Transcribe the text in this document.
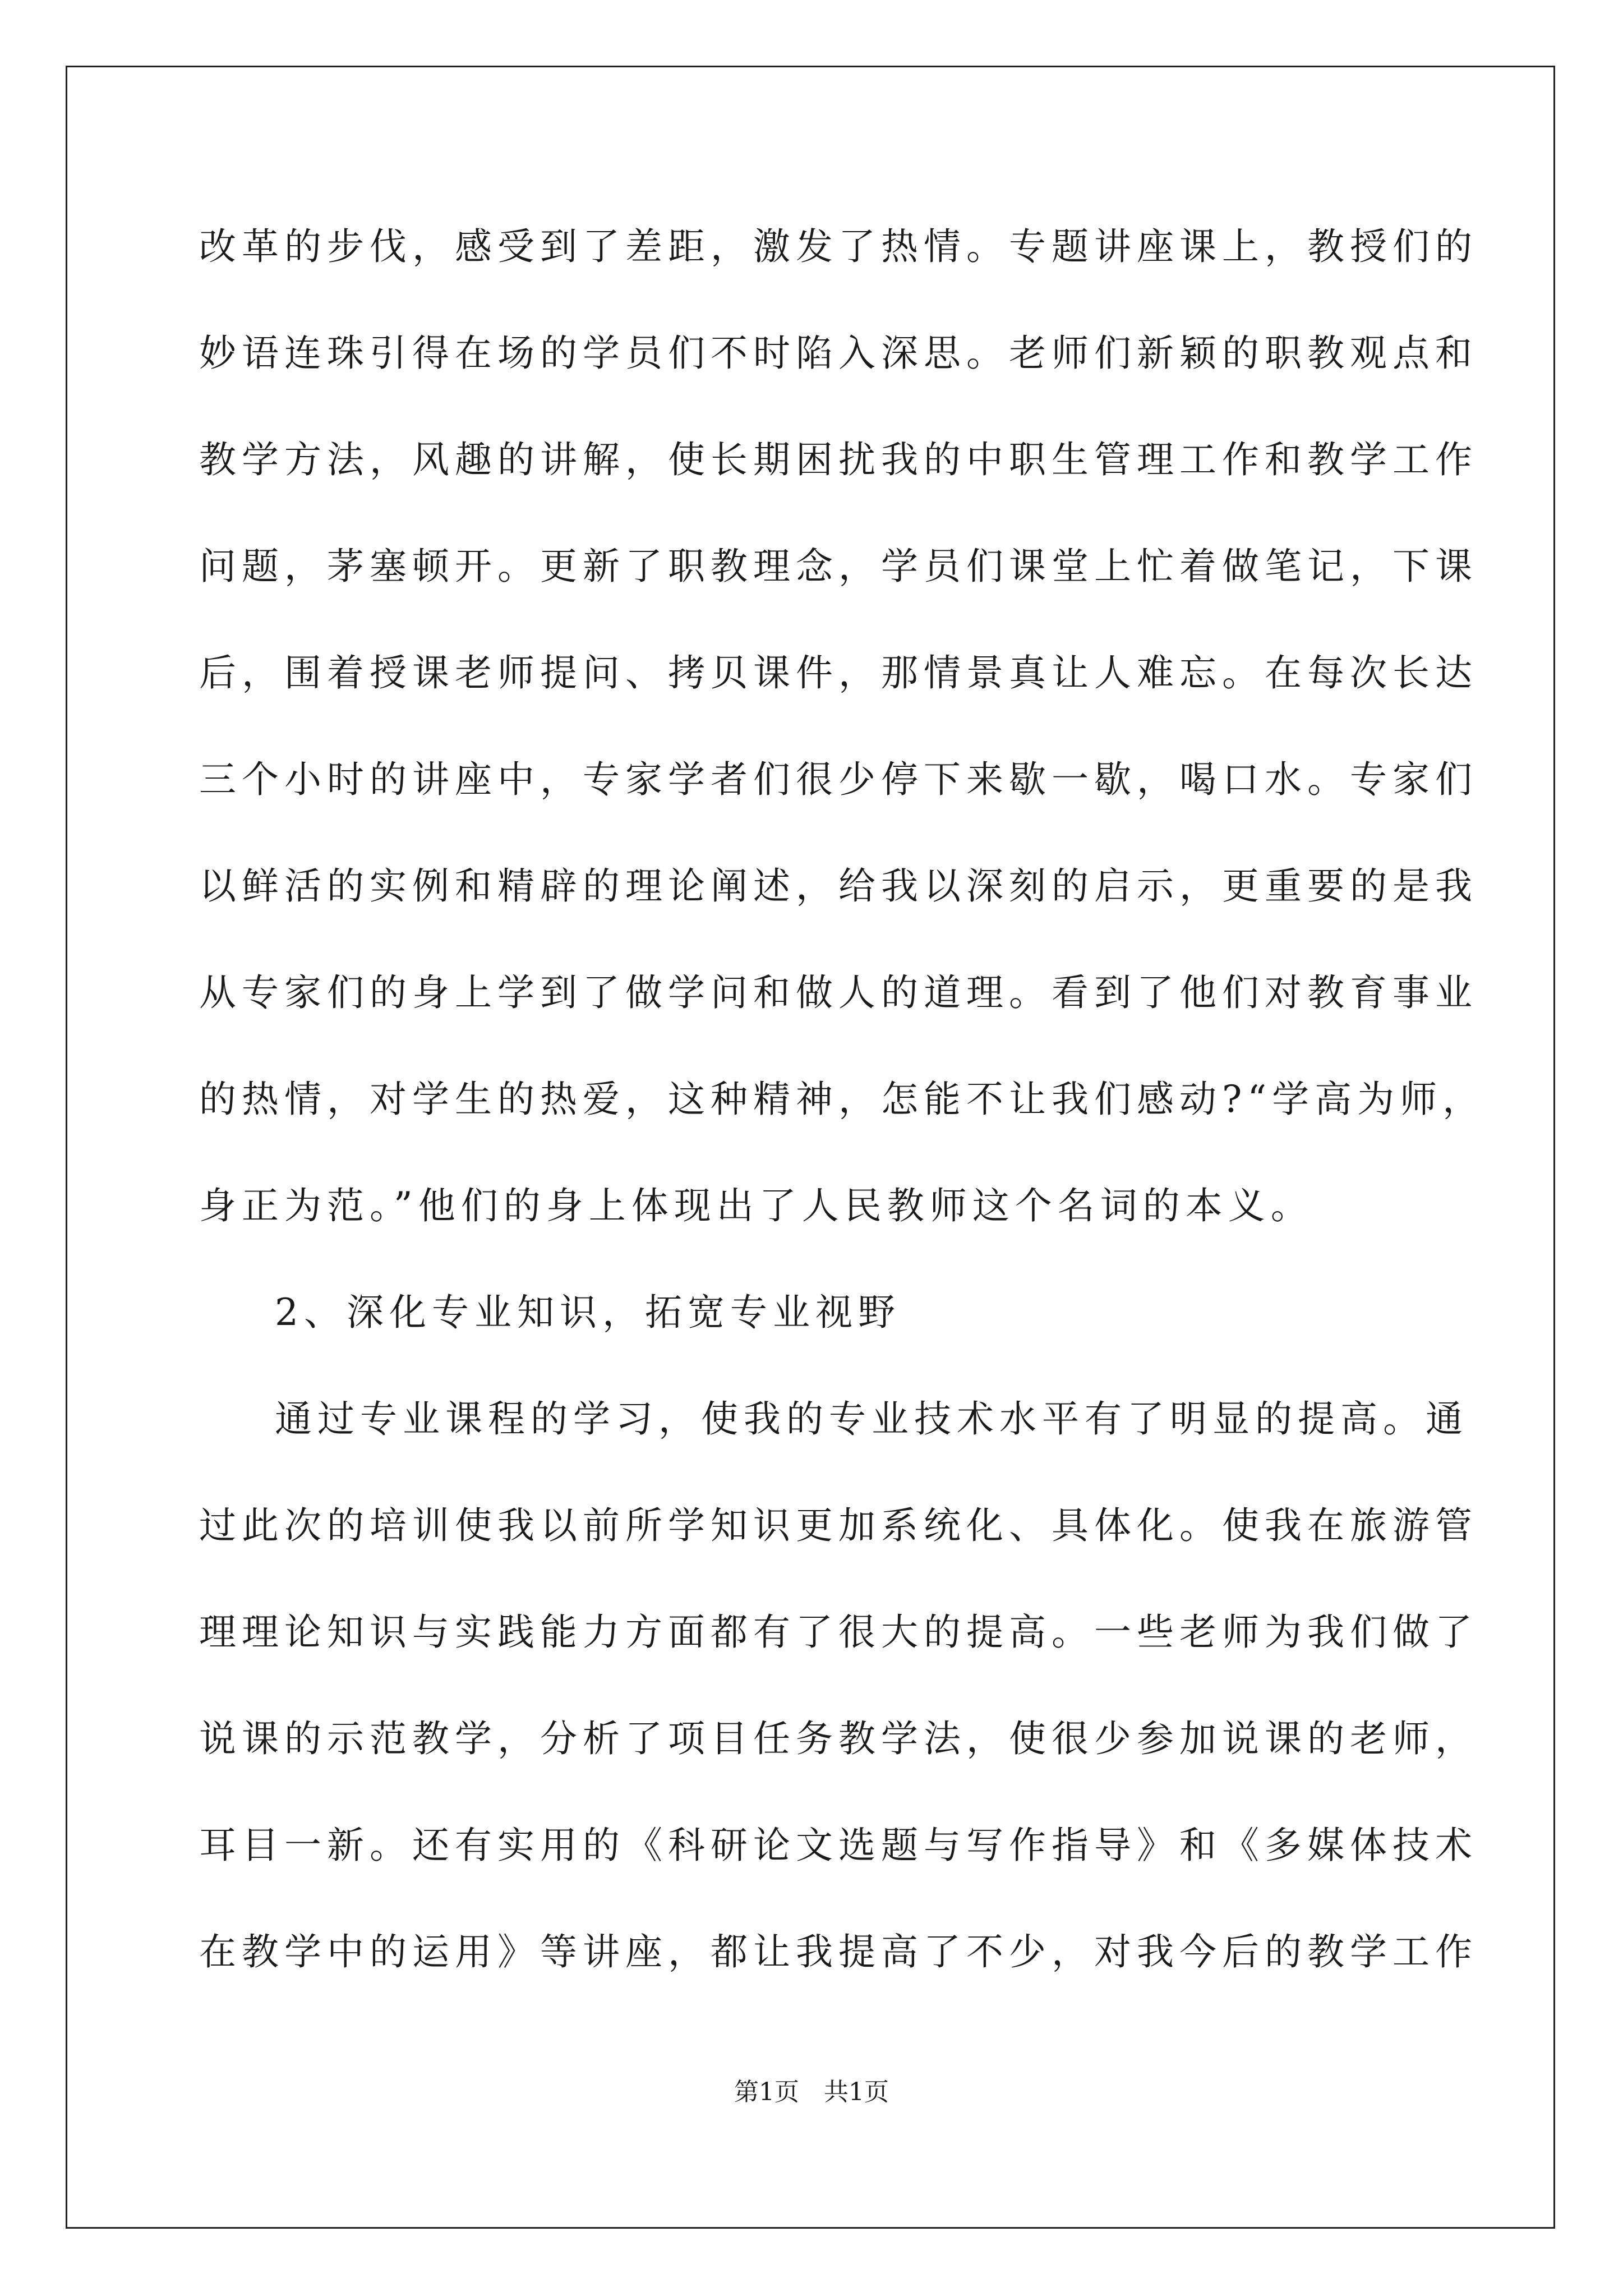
改革的步伐，感受到了差距，激发了热情。专题讲座课上，教授们的
妙语连珠引得在场的学员们不时陷入深思。老师们新颖的职教观点和
教学方法，风趣的讲解，使长期困扰我的中职生管理工作和教学工作
问题，茅塞顿开。更新了职教理念，学员们课堂上忙着做笔记，下课
后，围着授课老师提问、拷贝课件，那情景真让人难忘。在每次长达
三个小时的讲座中，专家学者们很少停下来歇一歇，喝口水。专家们
以鲜活的实例和精辟的理论阐述，给我以深刻的启示，更重要的是我
从专家们的身上学到了做学问和做人的道理。看到了他们对教育事业
的热情，对学生的热爱，这种精神，怎能不让我们感动?“学高为师，
身正为范。”他们的身上体现出了人民教师这个名词的本义。
2、深化专业知识，拓宽专业视野
通过专业课程的学习，使我的专业技术水平有了明显的提高。通
过此次的培训使我以前所学知识更加系统化、具体化。使我在旅游管
理理论知识与实践能力方面都有了很大的提高。一些老师为我们做了
说课的示范教学，分析了项目任务教学法，使很少参加说课的老师，
耳目一新。还有实用的《科研论文选题与写作指导》和《多媒体技术
在教学中的运用》等讲座，都让我提高了不少，对我今后的教学工作
第1页　共1页
